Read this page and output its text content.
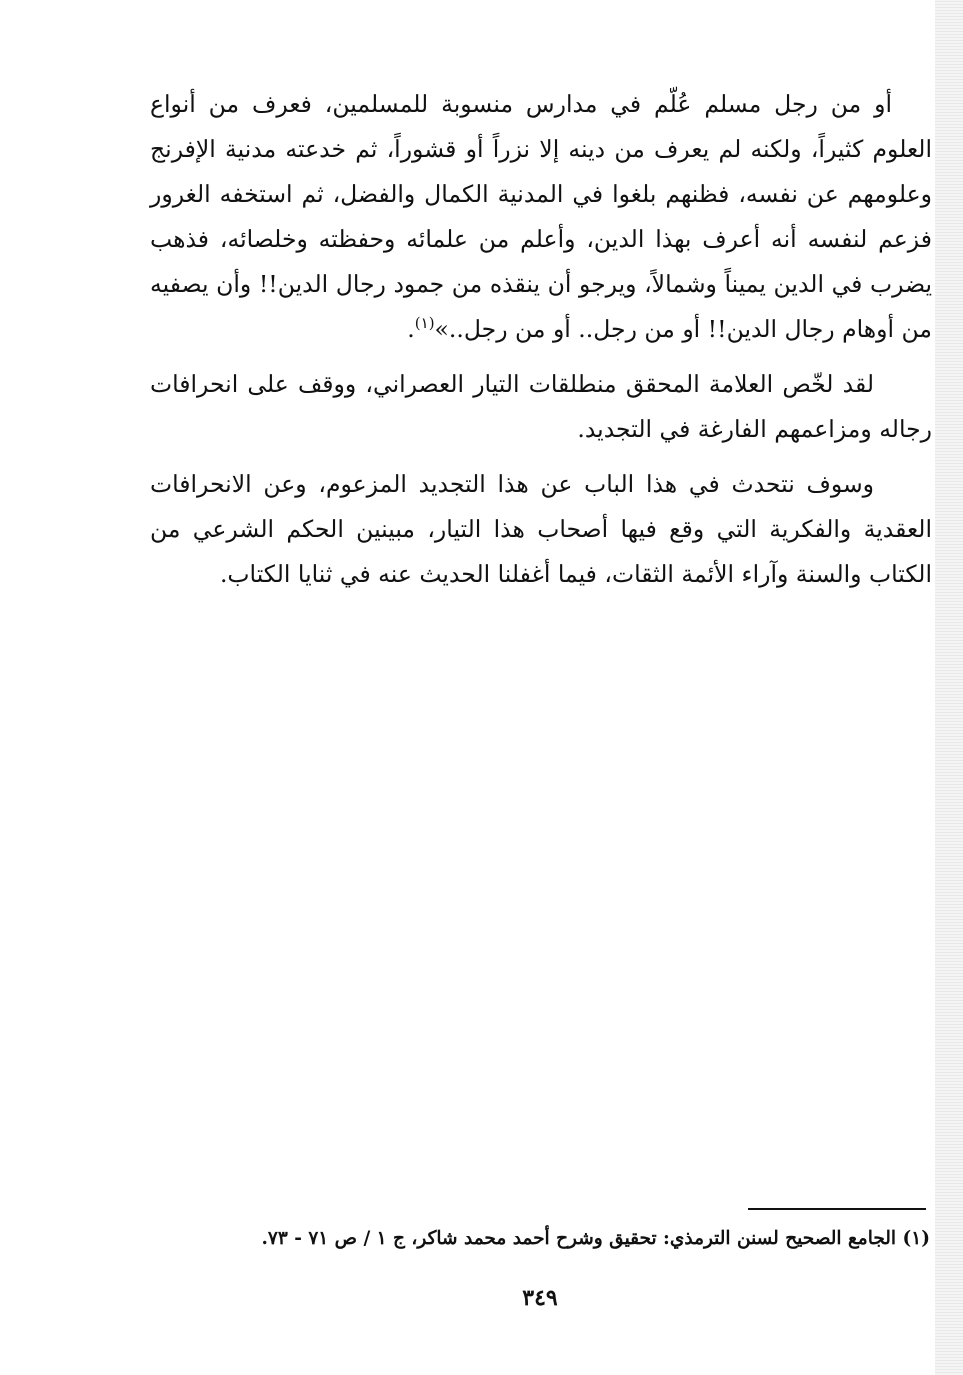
أو من رجل مسلم عُلّم في مدارس منسوبة للمسلمين، فعرف من أنواع العلوم كثيراً، ولكنه لم يعرف من دينه إلا نزراً أو قشوراً، ثم خدعته مدنية الإفرنج وعلومهم عن نفسه، فظنهم بلغوا في المدنية الكمال والفضل، ثم استخفه الغرور فزعم لنفسه أنه أعرف بهذا الدين، وأعلم من علمائه وحفظته وخلصائه، فذهب يضرب في الدين يميناً وشمالاً، ويرجو أن ينقذه من جمود رجال الدين!! وأن يصفيه من أوهام رجال الدين!! أو من رجل.. أو من رجل..»$^{(١)}$.

لقد لخّص العلامة المحقق منطلقات التيار العصراني، ووقف على انحرافات رجاله ومزاعمهم الفارغة في التجديد.

وسوف نتحدث في هذا الباب عن هذا التجديد المزعوم، وعن الانحرافات العقدية والفكرية التي وقع فيها أصحاب هذا التيار، مبينين الحكم الشرعي من الكتاب والسنة وآراء الأئمة الثقات، فيما أغفلنا الحديث عنه في ثنايا الكتاب.

(١) الجامع الصحيح لسنن الترمذي: تحقيق وشرح أحمد محمد شاكر، ج ١ / ص ٧١ - ٧٣.
٣٤٩
